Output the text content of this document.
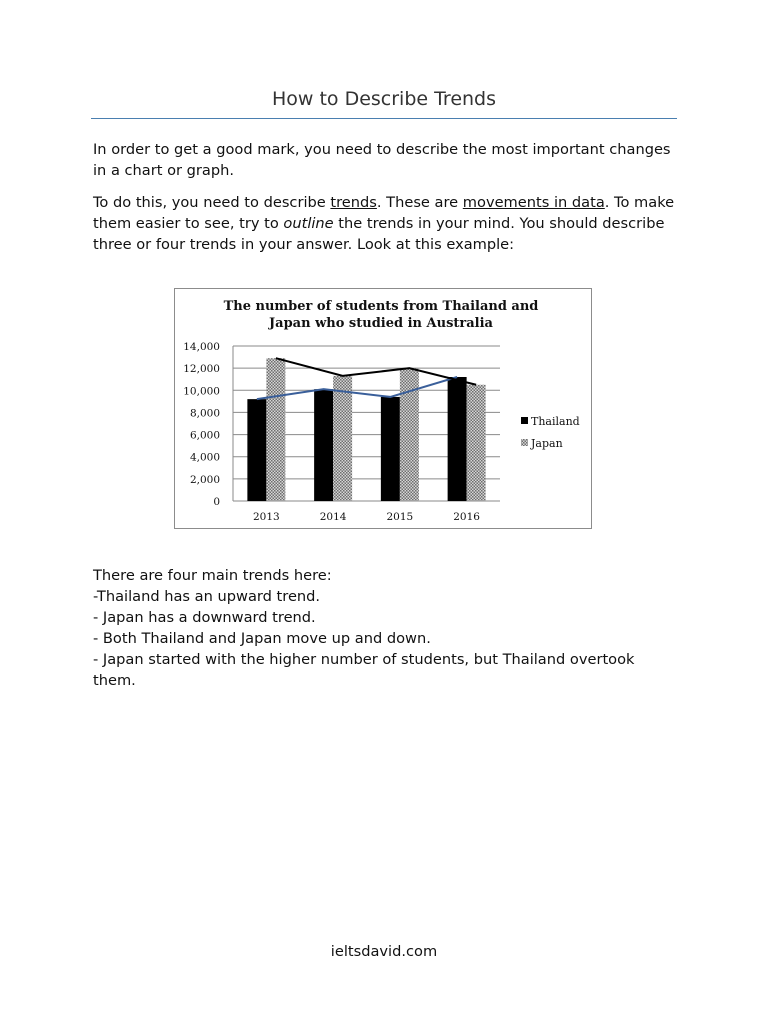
How to Describe Trends

In order to get a good mark, you need to describe the most important changes in a chart or graph.

To do this, you need to describe trends. These are movements in data. To make them easier to see, try to outline the trends in your mind. You should describe three or four trends in your answer. Look at this example:

The number of students from Thailand and
Japan who studied in Australia
0
2,000
4,000
6,000
8,000
10,000
12,000
14,000
2013	2014	2015	2016
Thailand
Japan
There are four main trends here:
-Thailand has an upward trend.
- Japan has a downward trend.
- Both Thailand and Japan move up and down.
- Japan started with the higher number of students, but Thailand overtook them.
ieltsdavid.com
